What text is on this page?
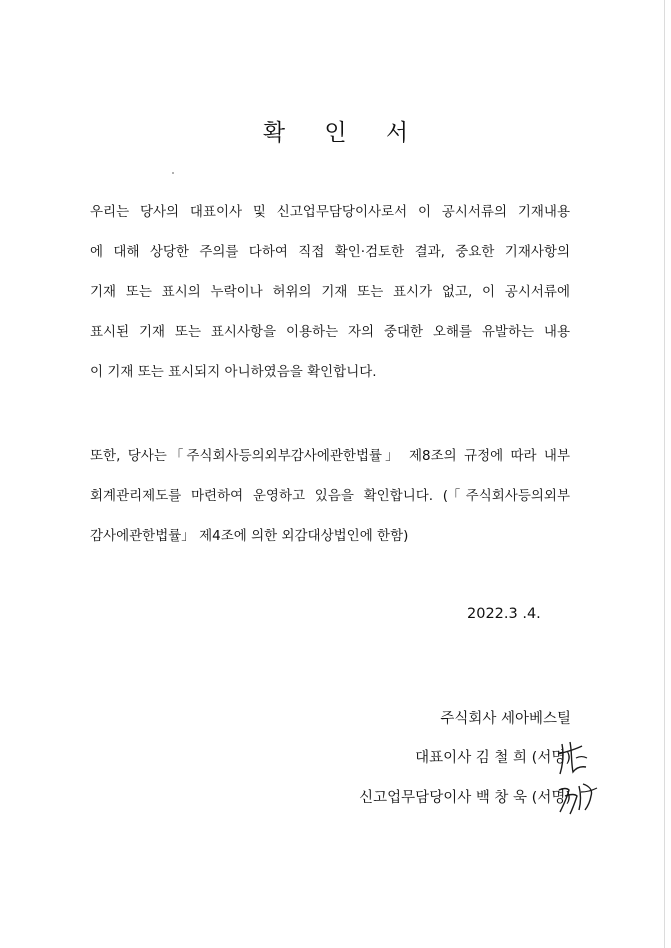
확 인 서
우리는 당사의 대표이사 및 신고업무담당이사로서 이 공시서류의 기재내용
에 대해 상당한 주의를 다하여 직접 확인·검토한 결과, 중요한 기재사항의
기재 또는 표시의 누락이나 허위의 기재 또는 표시가 없고, 이 공시서류에
표시된 기재 또는 표시사항을 이용하는 자의 중대한 오해를 유발하는 내용
이 기재 또는 표시되지 아니하였음을 확인합니다.
또한, 당사는「주식회사등의외부감사에관한법률」 제8조의 규정에 따라 내부
회계관리제도를 마련하여 운영하고 있음을 확인합니다. (「주식회사등의외부
감사에관한법률」 제4조에 의한 외감대상법인에 한함)
2022.3 .4.
주식회사 세아베스틸
대표이사 김 철 희 (서명)
신고업무담당이사 백 창 욱 (서명)
